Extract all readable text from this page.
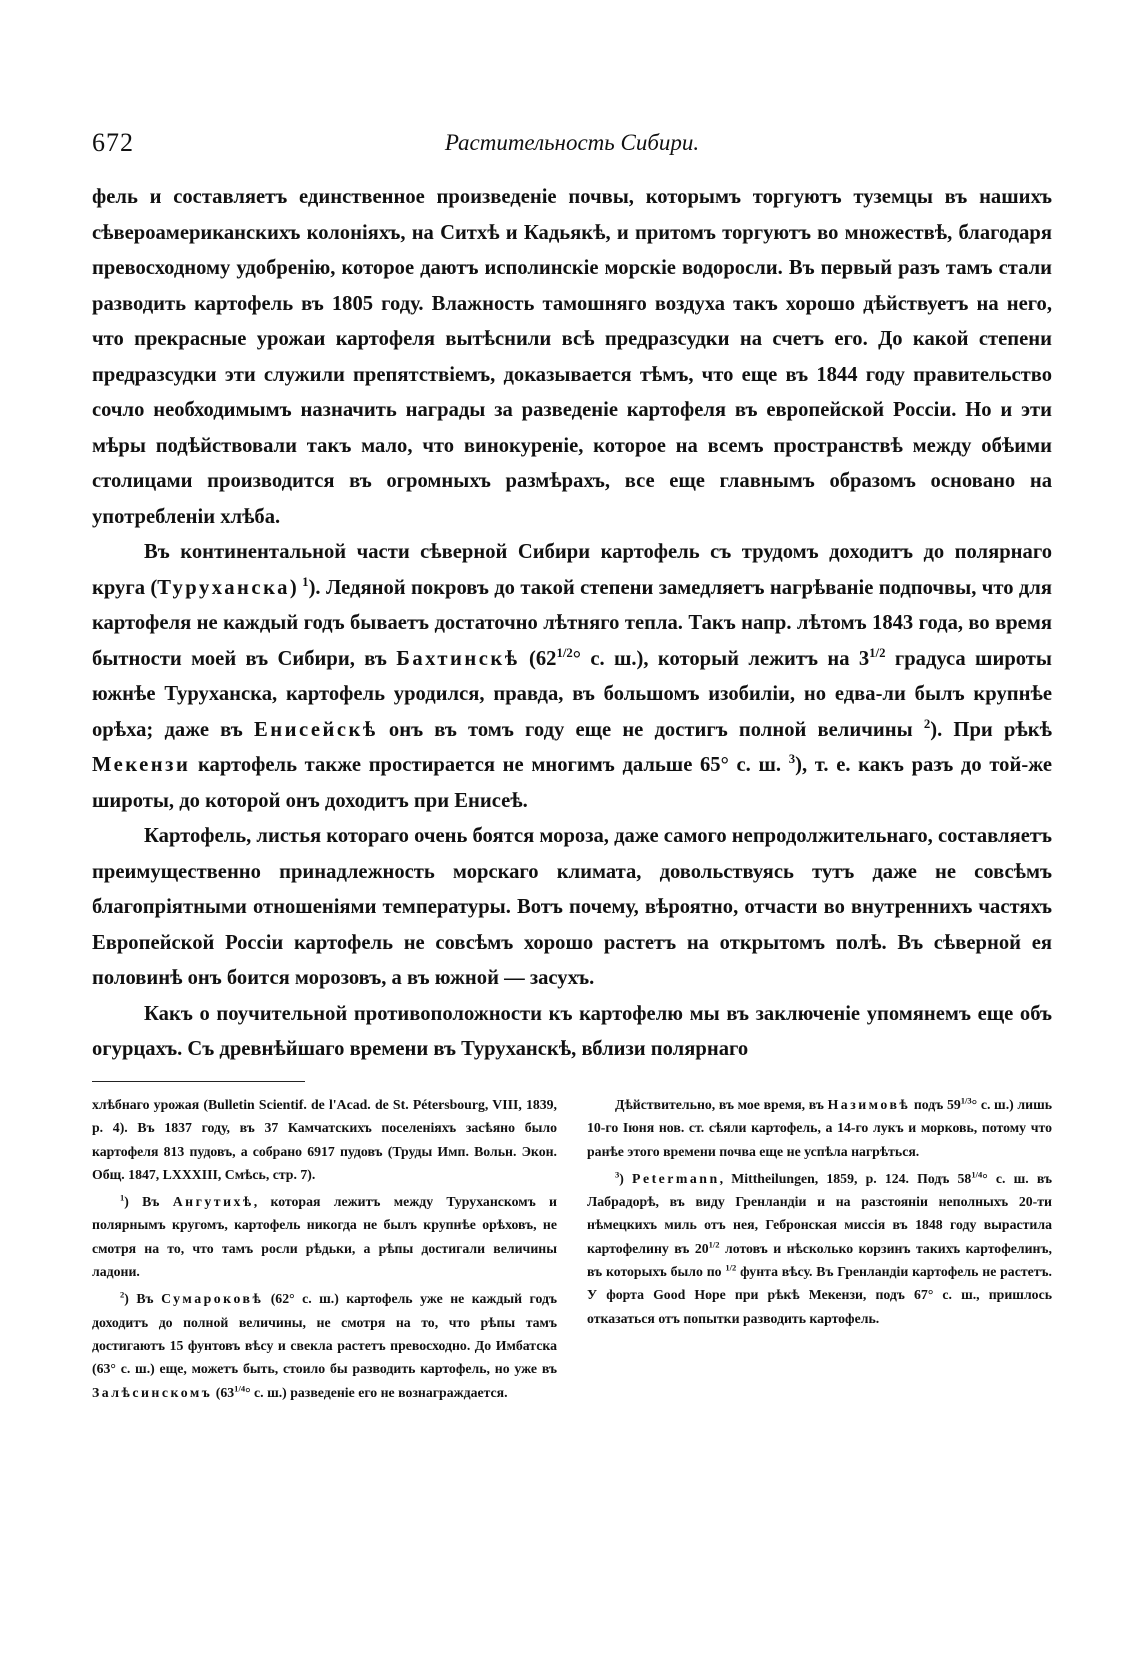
672	Растительность Сибири.

фель и составляетъ единственное произведеніе почвы, которымъ торгуютъ туземцы въ нашихъ сѣвероамериканскихъ колоніяхъ, на Ситхѣ и Кадьякѣ, и притомъ торгуютъ во множествѣ, благодаря превосходному удобренію, которое даютъ исполинскіе морскіе водоросли. Въ первый разъ тамъ стали разводить картофель въ 1805 году. Влажность тамошняго воздуха такъ хорошо дѣйствуетъ на него, что прекрасные урожаи картофеля вытѣснили всѣ предразсудки на счетъ его. До какой степени предразсудки эти служили препятствіемъ, доказывается тѣмъ, что еще въ 1844 году правительство сочло необходимымъ назначить награды за разведеніе картофеля въ европейской Россіи. Но и эти мѣры подѣйствовали такъ мало, что винокуреніе, которое на всемъ пространствѣ между обѣими столицами производится въ огромныхъ размѣрахъ, все еще главнымъ образомъ основано на употребленіи хлѣба.

Въ континентальной части сѣверной Сибири картофель съ трудомъ доходитъ до полярнаго круга (Туруханска) $^1$). Ледяной покровъ до такой степени замедляетъ нагрѣваніе подпочвы, что для картофеля не каждый годъ бываетъ достаточно лѣтняго тепла. Такъ напр. лѣтомъ 1843 года, во время бытности моей въ Сибири, въ Бахтинскѣ ($62^{1/2}^\circ$ с. ш.), который лежитъ на $3^{1/2}$ градуса широты южнѣе Туруханска, картофель уродился, правда, въ большомъ изобиліи, но едва-ли былъ крупнѣе орѣха; даже въ Енисейскѣ онъ въ томъ году еще не достигъ полной величины $^2$). При рѣкѣ Мекензи картофель также простирается не многимъ дальше 65° с. ш. $^3$), т. е. какъ разъ до той-же широты, до которой онъ доходитъ при Енисеѣ.

Картофель, листья котораго очень боятся мороза, даже самого непродолжительнаго, составляетъ преимущественно принадлежность морскаго климата, довольствуясь тутъ даже не совсѣмъ благопріятными отношеніями температуры. Вотъ почему, вѣроятно, отчасти во внутреннихъ частяхъ Европейской Россіи картофель не совсѣмъ хорошо растетъ на открытомъ полѣ. Въ сѣверной ея половинѣ онъ боится морозовъ, а въ южной — засухъ.

Какъ о поучительной противоположности къ картофелю мы въ заключеніе упомянемъ еще объ огурцахъ. Съ древнѣйшаго времени въ Туруханскѣ, вблизи полярнаго

хлѣбнаго урожая (Bulletin Scientif. de l'Acad. de St. Pétersbourg, VIII, 1839, p. 4). Въ 1837 году, въ 37 Камчатскихъ поселеніяхъ засѣяно было картофеля 813 пудовъ, а собрано 6917 пудовъ (Труды Имп. Вольн. Экон. Общ. 1847, LXXXIII, Смѣсь, стр. 7).

$^1$) Въ Ангутихѣ, которая лежитъ между Туруханскомъ и полярнымъ кругомъ, картофель никогда не былъ крупнѣе орѣховъ, не смотря на то, что тамъ росли рѣдьки, а рѣпы достигали величины ладони.

$^2$) Въ Сумароковѣ (62° с. ш.) картофель уже не каждый годъ доходитъ до полной величины, не смотря на то, что рѣпы тамъ достигаютъ 15 фунтовъ вѣсу и свекла растетъ превосходно. До Имбатска (63° с. ш.) еще, можетъ быть, стоило бы разводить картофель, но уже въ Залѣсинскомъ ($63^{1/4}^\circ$ с. ш.) разведеніе его не вознаграждается.

Дѣйствительно, въ мое время, въ Назимовѣ подъ $59^{1/3}^\circ$ с. ш.) лишь 10-го Іюня нов. ст. сѣяли картофель, а 14-го лукъ и морковь, потому что ранѣе этого времени почва еще не успѣла нагрѣться.

$^3$) Petermann, Mittheilungen, 1859, p. 124. Подъ $58^{1/4}^\circ$ с. ш. въ Лабрадорѣ, въ виду Гренландіи и на разстояніи неполныхъ 20-ти нѣмецкихъ миль отъ нея, Гебронская миссія въ 1848 году вырастила картофелину въ $20^{1/2}$ лотовъ и нѣсколько корзинъ такихъ картофелинъ, въ которыхъ было по $^{1/2}$ фунта вѣсу. Въ Гренландіи картофель не растетъ. У форта Good Hope при рѣкѣ Мекензи, подъ 67° с. ш., пришлось отказаться отъ попытки разводить картофель.
